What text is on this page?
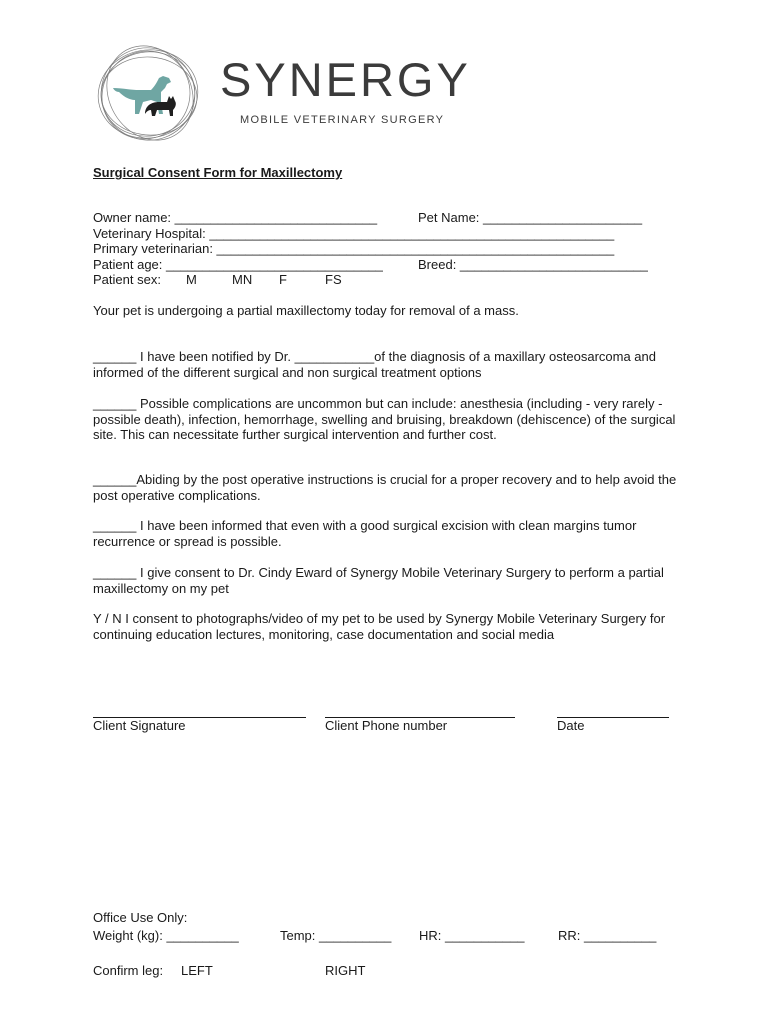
SYNERGY
MOBILE VETERINARY SURGERY
Surgical Consent Form for Maxillectomy
Owner name: ____________________________	Pet Name: ______________________
Veterinary Hospital: ________________________________________________________
Primary veterinarian: _______________________________________________________
Patient age: ______________________________	Breed: __________________________
Patient sex: M	MN F	FS
Your pet is undergoing a partial maxillectomy today for removal of a mass.
______ I have been notified by Dr. ___________of the diagnosis of a maxillary osteosarcoma and informed of the different surgical and non surgical treatment options
______ Possible complications are uncommon but can include: anesthesia (including - very rarely - possible death), infection, hemorrhage, swelling and bruising, breakdown (dehiscence) of the surgical site. This can necessitate further surgical intervention and further cost.
______Abiding by the post operative instructions is crucial for a proper recovery and to help avoid the post operative complications.
______ I have been informed that even with a good surgical excision with clean margins tumor recurrence or spread is possible.
______ I give consent to Dr. Cindy Eward of Synergy Mobile Veterinary Surgery to perform a partial maxillectomy on my pet
Y / N I consent to photographs/video of my pet to be used by Synergy Mobile Veterinary Surgery for continuing education lectures, monitoring, case documentation and social media
Client Signature	Client Phone number	Date
Office Use Only:
Weight (kg): __________	Temp: __________ HR: ___________	RR: __________
Confirm leg: LEFT	RIGHT
